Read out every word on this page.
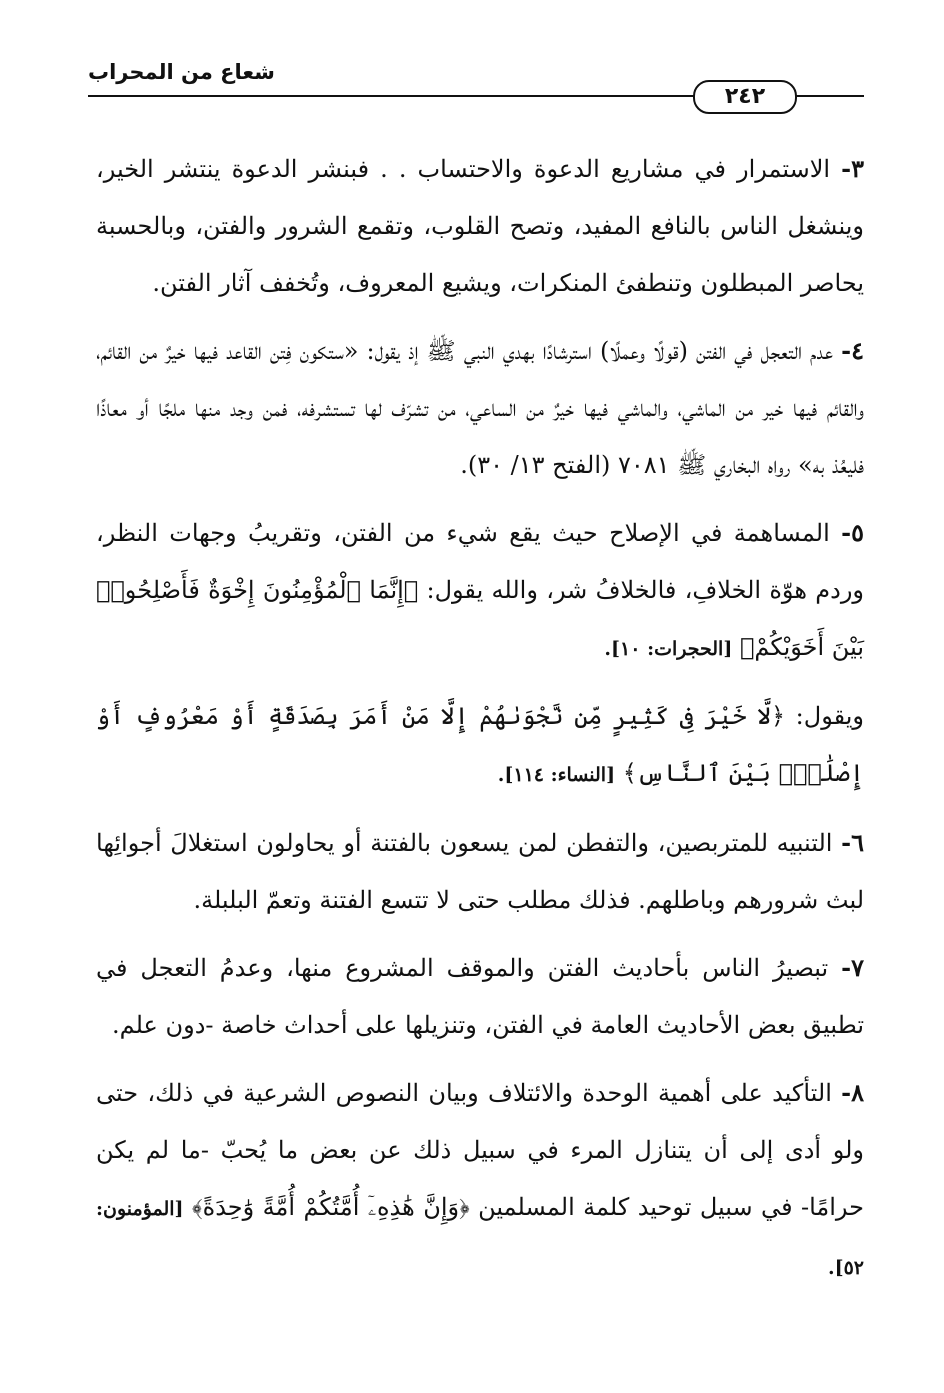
شعاع من المحراب
٢٤٢

٣- الاستمرار في مشاريع الدعوة والاحتساب . . فبنشر الدعوة ينتشر الخير، وينشغل الناس بالنافع المفيد، وتصح القلوب، وتقمع الشرور والفتن، وبالحسبة يحاصر المبطلون وتنطفئ المنكرات، ويشيع المعروف، وتُخفف آثار الفتن.

٤- عدم التعجل في الفتن (قولًا وعملًا) استرشادًا بهدي النبي ﷺ إذ يقول: «ستكون فِتن القاعد فيها خيرٌ من القائم، والقائم فيها خير من الماشي، والماشي فيها خيرٌ من الساعي، من تشرّف لها تستشرفه، فمن وجد منها ملجًا أو معاذًا فليعُذ به» رواه البخاري ﷺ ٧٠٨١ (الفتح ١٣/ ٣٠).

٥- المساهمة في الإصلاح حيث يقع شيء من الفتن، وتقريبُ وجهات النظر، وردم هوّة الخلافِ، فالخلافُ شر، والله يقول: ﴿إِنَّمَا ٱلْمُؤْمِنُونَ إِخْوَةٌ فَأَصْلِحُوا۟ بَيْنَ أَخَوَيْكُمْ﴾ [الحجرات: ١٠].

ويقول: ﴿لَّا خَيْرَ فِى كَثِيرٍ مِّن نَّجْوَىٰهُمْ إِلَّا مَنْ أَمَرَ بِصَدَقَةٍ أَوْ مَعْرُوفٍ أَوْ إِصْلَٰحٍۭ بَيْنَ ٱلنَّاسِ﴾ [النساء: ١١٤].

٦- التنبيه للمتربصين، والتفطن لمن يسعون بالفتنة أو يحاولون استغلالَ أجوائِها لبث شرورهم وباطلهم. فذلك مطلب حتى لا تتسع الفتنة وتعمّ البلبلة.

٧- تبصيرُ الناس بأحاديث الفتن والموقف المشروع منها، وعدمُ التعجل في تطبيق بعض الأحاديث العامة في الفتن، وتنزيلها على أحداث خاصة -دون علم.

٨- التأكيد على أهمية الوحدة والائتلاف وبيان النصوص الشرعية في ذلك، حتى ولو أدى إلى أن يتنازل المرء في سبيل ذلك عن بعض ما يُحبّ -ما لم يكن حرامًا- في سبيل توحيد كلمة المسلمين ﴿وَإِنَّ هَٰذِهِۦٓ أُمَّتُكُمْ أُمَّةً وَٰحِدَةً﴾ [المؤمنون: ٥٢].
